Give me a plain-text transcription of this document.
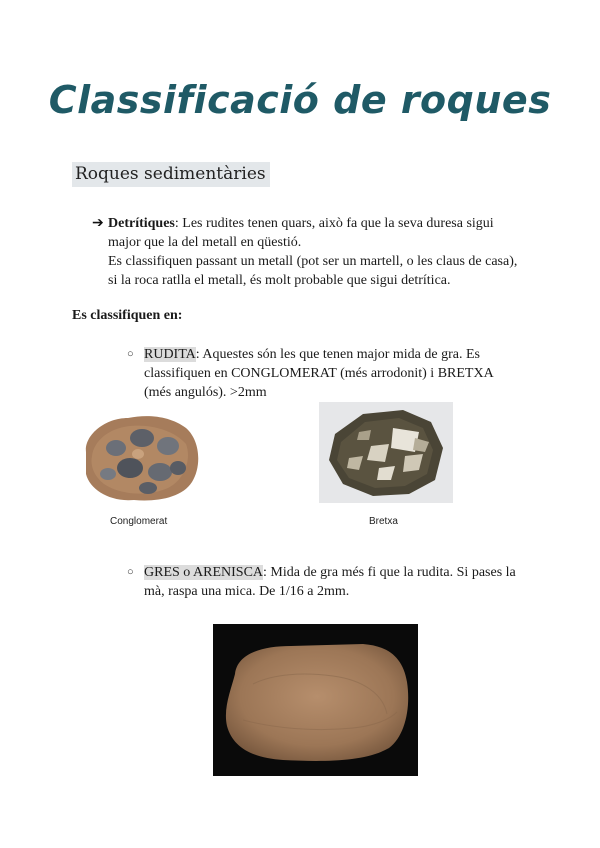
Classificació de roques
Roques sedimentàries
➔ Detrítiques: Les rudites tenen quars, això fa que la seva duresa sigui
major que la del metall en qüestió.
Es classifiquen passant un metall (pot ser un martell, o les claus de casa),
si la roca ratlla el metall, és molt probable que sigui detrítica.
Es classifiquen en:
○ RUDITA: Aquestes són les que tenen major mida de gra. Es
classifiquen en CONGLOMERAT (més arrodonit) i BRETXA
(més angulós). >2mm
Conglomerat	Bretxa
○ GRES o ARENISCA: Mida de gra més fi que la rudita. Si pases la
mà, raspa una mica. De 1/16 a 2mm.
